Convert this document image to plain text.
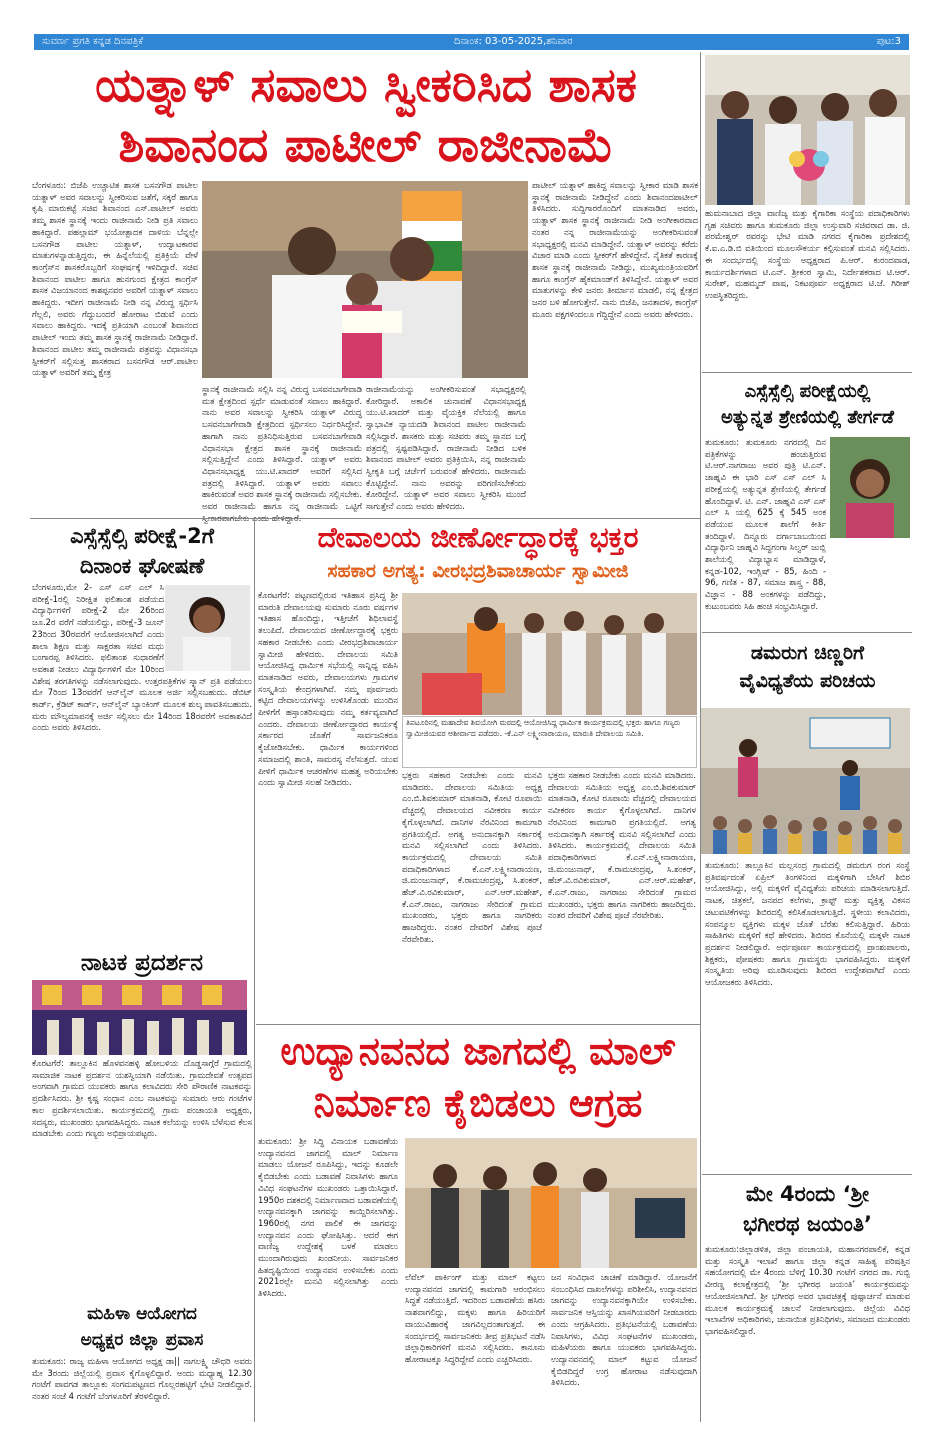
ಸುವರ್ಣ ಪ್ರಗತಿ ಕನ್ನಡ ದಿನಪತ್ರಿಕೆ	ದಿನಾಂಕ: 03-05-2025,ಶನಿವಾರ	ಪುಟ:3
ಯತ್ನಾಳ್ ಸವಾಲು ಸ್ವೀಕರಿಸಿದ ಶಾಸಕ
ಶಿವಾನಂದ ಪಾಟೀಲ್ ರಾಜೀನಾಮೆ
ಬೆಂಗಳೂರು: ಬಿಜೆಪಿ ಉಚ್ಚಾಟಿತ ಶಾಸಕ ಬಸನಗೌಡ ಪಾಟೀಲ ಯತ್ನಾಳ್ ಅವರ ಸವಾಲನ್ನು ಸ್ವೀಕರಿಸುವ ಜತೆಗೆ, ಸಕ್ಕರೆ ಹಾಗೂ ಕೃಷಿ ಮಾರುಕಟ್ಟೆ ಸಚಿವ ಶಿವಾನಂದ ಎಸ್.ಪಾಟೀಲ್ ಅವರು ತಮ್ಮ ಶಾಸಕ ಸ್ಥಾನಕ್ಕೆ ಇಂದು ರಾಜೀನಾಮೆ ನೀಡಿ ಪ್ರತಿ ಸವಾಲು ಹಾಕಿದ್ದಾರೆ. ಪಹಲ್ಗಾಮ್ ಭಯೋತ್ಪಾದಕ ದಾಳಿಯ ಬೆನ್ನಲ್ಲೇ ಬಸನಗೌಡ ಪಾಟೀಲ ಯತ್ನಾಳ್, ಉದ್ವಾಟಕಾರವ ಮಾತುಗಳನ್ನಾಡುತ್ತಿದ್ದರು, ಈ ಹಿನ್ನೆಲೆಯಲ್ಲಿ ಪ್ರತಿಕ್ರಿಯೆ ವೇಳೆ ಕಾಂಗ್ರೆಸ್‌ನ ಶಾಸಕರೊಬ್ಬರಿಗೆ ಸಂಘರ್ಷಕ್ಕೆ ಇಳಿದಿದ್ದಾರೆ. ಸಚಿವ ಶಿವಾನಂದ ಪಾಟೀಲ ಹಾಗೂ ಹುನಗುಂದ ಕ್ಷೇತ್ರದ ಕಾಂಗ್ರೆಸ್ ಶಾಸಕ ವಿಜಯಾನಂದ ಕಾಶಪ್ಪನವರ ಅವರಿಗೆ ಯತ್ನಾಳ್ ಸವಾಲು ಹಾಕಿದ್ದರು. ಇದೀಗ ರಾಜೀನಾಮೆ ನೀಡಿ ನನ್ನ ವಿರುದ್ಧ ಸ್ಪರ್ಧಿಸಿ ಗೆಲ್ಲಲಿ, ಅವರು ಗೆದ್ದುಬಂದರೆ ಹೋರಾಟ ಬಿಡುವೆ ಎಂದು ಸವಾಲು ಹಾಕಿದ್ದರು. ಇದಕ್ಕೆ ಪ್ರತಿಯಾಗಿ ಎಂಬಂತೆ ಶಿವಾನಂದ ಪಾಟೀಲ್ ಇಂದು ತಮ್ಮ ಶಾಸಕ ಸ್ಥಾನಕ್ಕೆ ರಾಜೀನಾಮೆ ನೀಡಿದ್ದಾರೆ. ಶಿವಾನಂದ ಪಾಟೀಲ ತಮ್ಮ ರಾಜೀನಾಮೆ ಪತ್ರವನ್ನು ವಿಧಾನಸಭಾ ಸ್ಪೀಕರ್‌ಗೆ ಸಲ್ಲಿಸುತ್ತ ಶಾಸಕರಾದ ಬಸನಗೌಡ ಆರ್.ಪಾಟೀಲ ಯತ್ನಾಳ್ ಅವರಿಗೆ ತಮ್ಮ ಕ್ಷೇತ್ರ
ಸ್ಥಾನಕ್ಕೆ ರಾಜೀನಾಮೆ ಸಲ್ಲಿಸಿ ನನ್ನ ವಿರುದ್ಧ ಬಸವನಬಾಗೇವಾಡಿ ಮತ ಕ್ಷೇತ್ರದಿಂದ ಸ್ಪರ್ಧೆ ಮಾಡುವಂತೆ ಸವಾಲು ಹಾಕಿದ್ದಾರೆ. ನಾನು ಅವರ ಸವಾಲನ್ನು ಸ್ವೀಕರಿಸಿ ಯತ್ನಾಳ್ ವಿರುದ್ಧ ಬಸವನಬಾಗೇವಾಡಿ ಕ್ಷೇತ್ರದಿಂದ ಸ್ಪರ್ಧಿಸಲು ನಿರ್ಧರಿಸಿದ್ದೇನೆ. ಹಾಗಾಗಿ ನಾನು ಪ್ರತಿನಿಧಿಸುತ್ತಿರುವ ಬಸವನಬಾಗೇವಾಡಿ ವಿಧಾನಸಭಾ ಕ್ಷೇತ್ರದ ಶಾಸಕ ಸ್ಥಾನಕ್ಕೆ ರಾಜೀನಾಮೆ ಸಲ್ಲಿಸುತ್ತಿದ್ದೇನೆ ಎಂದು ತಿಳಿಸಿದ್ದಾರೆ. ಯತ್ನಾಳ್ ಅವರು ವಿಧಾನಸಭಾಧ್ಯಕ್ಷ ಯು.ಟಿ.ಖಾದರ್ ಅವರಿಗೆ ಸಲ್ಲಿಸಿದ ಪತ್ರದಲ್ಲಿ ತಿಳಿಸಿದ್ದಾರೆ. ಯತ್ನಾಳ್ ಅವರು ಸವಾಲು ಹಾಕಿರುವಂತೆ ಅವರ ಶಾಸಕ ಸ್ಥಾನಕ್ಕೆ ರಾಜೀನಾಮೆ ಸಲ್ಲಿಸಬೇಕು. ಅವರ ರಾಜೀನಾಮೆ ಹಾಗೂ ನನ್ನ ರಾಜೀನಾಮೆ ಒಟ್ಟಿಗೆ
ರಾಜೀನಾಮೆಯನ್ನು ಅಂಗೀಕರಿಸುವಂತೆ ಸಭಾಧ್ಯಕ್ಷರಲ್ಲಿ ಕೋರಿದ್ದಾರೆ. ಅಕಾಲಿಕ ಚುನಾವಣೆ ವಿಧಾನಸಭಾಧ್ಯಕ್ಷ ಯು.ಟಿ.ಖಾದರ್ ಮತ್ತು ವೈಯಕ್ತಿಕ ನೆಲೆಯಲ್ಲಿ ಹಾಗೂ ಸ್ವಾಭಾವಿಕ ನ್ಯಾಯದಡಿ ಶಿವಾನಂದ ಪಾಟೀಲ ರಾಜೀನಾಮೆ ಸಲ್ಲಿಸಿದ್ದಾರೆ. ಶಾಸಕರು ಮತ್ತು ಸಚಿವರು ತಮ್ಮ ಸ್ಥಾನದ ಬಗ್ಗೆ ಪತ್ರದಲ್ಲಿ ಸ್ಪಷ್ಟಪಡಿಸಿದ್ದಾರೆ. ರಾಜೀನಾಮೆ ನೀಡಿದ ಬಳಿಕ ಶಿವಾನಂದ ಪಾಟೀಲ್ ಅವರು ಪ್ರತಿಕ್ರಿಯಿಸಿ, ನನ್ನ ರಾಜೀನಾಮೆ ಸ್ವೀಕೃತಿ ಬಗ್ಗೆ ಚರ್ಚೆಗೆ ಬರುವಂತೆ ಹೇಳಿದರು. ರಾಜೀನಾಮೆ ಕೊಟ್ಟಿದ್ದೇನೆ. ನಾನು ಅವರನ್ನು ಪರಿಗಣಿಸಬೇಕೆಂದು ಕೋರಿದ್ದೇನೆ. ಯತ್ನಾಳ್ ಅವರ ಸವಾಲು ಸ್ವೀಕರಿಸಿ ಮುಂದೆ ಸಾಗುತ್ತೇನೆ ಎಂದು ಅವರು ಹೇಳಿದರು.
ಪಾಟೀಲ್ ಯತ್ನಾಳ್ ಹಾಕಿದ್ದ ಸವಾಲನ್ನು ಸ್ವೀಕಾರ ಮಾಡಿ ಶಾಸಕ ಸ್ಥಾನಕ್ಕೆ ರಾಜೀನಾಮೆ ನೀಡಿದ್ದೇನೆ ಎಂದು ಶಿವಾನಂದಪಾಟೀಲ್ ತಿಳಿಸಿದರು. ಸುದ್ದಿಗಾರರೊಂದಿಗೆ ಮಾತನಾಡಿದ ಅವರು, ಯತ್ನಾಳ್ ಶಾಸಕ ಸ್ಥಾನಕ್ಕೆ ರಾಜೀನಾಮೆ ನೀಡಿ ಅಂಗೀಕಾರವಾದ ನಂತರ ನನ್ನ ರಾಜೀನಾಮೆಯನ್ನು ಅಂಗೀಕರಿಸುವಂತೆ ಸಭಾಧ್ಯಕ್ಷರಲ್ಲಿ ಮನವಿ ಮಾಡಿದ್ದೇನೆ. ಯತ್ನಾಳ್ ಅವರನ್ನು ಕರೆದು ವಿಚಾರ ಮಾಡಿ ಎಂದು ಸ್ಪೀಕರ್‌ಗೆ ಹೇಳಿದ್ದೇನೆ. ನೈತಿಕತೆ ಕಾರಣಕ್ಕೆ ಶಾಸಕ ಸ್ಥಾನಕ್ಕೆ ರಾಜೀನಾಮೆ ನೀಡಿದ್ದು, ಮುಖ್ಯಮಂತ್ರಿಯವರಿಗೆ ಹಾಗೂ ಕಾಂಗ್ರೆಸ್ ಹೈಕಮಾಂಡ್‌ಗೆ ತಿಳಿಸಿದ್ದೇನೆ. ಯತ್ನಾಳ್ ಅವರ ಮಾತುಗಳನ್ನು ಕೇಳಿ ಜನರು ತೀರ್ಮಾನ ಮಾಡಲಿ, ನನ್ನ ಕ್ಷೇತ್ರದ ಜನರ ಬಳಿ ಹೋಗುತ್ತೇನೆ. ನಾನು ಬಿಜೆಪಿ, ಜನತಾದಳ, ಕಾಂಗ್ರೆಸ್ ಮೂರು ಪಕ್ಷಗಳಿಂದಲೂ ಗೆದ್ದಿದ್ದೇನೆ ಎಂದು ಅವರು ಹೇಳಿದರು.
ಹುಮನಾಬಾದ ಜಿಲ್ಲಾ ವಾಣಿಜ್ಯ ಮತ್ತು ಕೈಗಾರಿಕಾ ಸಂಸ್ಥೆಯ ಪದಾಧಿಕಾರಿಗಳು ಗೃಹ ಸಚಿವರು ಹಾಗೂ ತುಮಕೂರು ಜಿಲ್ಲಾ ಉಸ್ತುವಾರಿ ಸಚಿವರಾದ ಡಾ. ಜಿ. ಪರಮೇಶ್ವರ್ ರವರನ್ನು ಭೇಟಿ ಮಾಡಿ ನಗರದ ಕೈಗಾರಿಕಾ ಪ್ರದೇಶದಲ್ಲಿ ಕೆ.ಐ.ಎ.ಡಿ.ಬಿ ವತಿಯಿಂದ ಮೂಲಸೌಕರ್ಯ ಕಲ್ಪಿಸುವಂತೆ ಮನವಿ ಸಲ್ಲಿಸಿದರು. ಈ ಸಂದರ್ಭದಲ್ಲಿ ಸಂಸ್ಥೆಯ ಅಧ್ಯಕ್ಷರಾದ ಪಿ.ಆರ್. ಕುರಂದವಾಡ, ಕಾರ್ಯದರ್ಶಿಗಳಾದ ಟಿ.ಎನ್. ಶ್ರೀಕಂಠ ಸ್ವಾಮಿ, ನಿರ್ದೇಶಕರಾದ ಟಿ.ಆರ್. ಸುರೇಶ್, ಮಹಮ್ಮದ್ ಪಾಷ, ನಿಕಟಪೂರ್ವ ಅಧ್ಯಕ್ಷರಾದ ಟಿ.ಜೆ. ಗಿರೀಶ್ ಉಪಸ್ಥಿತರಿದ್ದರು.
ಎಸ್ಸೆಸ್ಸೆಲ್ಸಿ ಪರೀಕ್ಷೆಯಲ್ಲಿ
ಅತ್ಯುನ್ನತ ಶ್ರೇಣಿಯಲ್ಲಿ ತೇರ್ಗಡೆ
ತುಮಕೂರು: ತುಮಕೂರು ನಗರದಲ್ಲಿ ದಿನ ಪತ್ರಿಕೆಗಳನ್ನು ಹಂಚುತ್ತಿರುವ ಟಿ.ಆರ್.ನಾಗರಾಜು ಅವರ ಪುತ್ರಿ ಟಿ.ಎನ್. ಜಾಹ್ನವಿ ಈ ಭಾರಿ ಎಸ್ ಎಸ್ ಎಲ್ ಸಿ ಪರೀಕ್ಷೆಯಲ್ಲಿ ಅತ್ಯುನ್ನತ ಶ್ರೇಣಿಯಲ್ಲಿ ತೇರ್ಗಡೆ ಹೊಂದಿದ್ದಾಳೆ. ಟಿ. ಎನ್. ಜಾಹ್ನವಿ ಎಸ್ ಎಸ್ ಎಲ್ ಸಿ ಯಲ್ಲಿ 625 ಕ್ಕೆ 545 ಅಂಕ ಪಡೆಯುವ ಮೂಲಕ ಶಾಲೆಗೆ ಕೀರ್ತಿ ತಂದಿದ್ದಾಳೆ. ದಿನ್ನೂರು ದರ್ಗಾಬಾಬಯಿಂದ ವಿದ್ಯಾರ್ಥಿನಿ ಜಾಹ್ನವಿ ಸಿದ್ಧಗಂಗಾ ಸಿಲ್ವರ್ ಜುಬ್ಲಿ ಶಾಲೆಯಲ್ಲಿ ವಿದ್ಯಾಭ್ಯಾಸ ಮಾಡಿದ್ದಾಳೆ, ಕನ್ನಡ-102, ಇಂಗ್ಲಿಷ್ - 85, ಹಿಂದಿ - 96, ಗಣಿತ - 87, ಸಮಾಜ ಶಾಸ್ತ್ರ - 88, ವಿಜ್ಞಾನ - 88 ಅಂಕಗಳನ್ನು ಪಡೆದಿದ್ದು, ಕುಟುಂಬವರು ಸಿಹಿ ಹಂಚಿ ಸಂಭ್ರಮಿಸಿದ್ದಾರೆ.
ಡಮರುಗ ಚಿಣ್ಣರಿಗೆ
ವೈವಿಧ್ಯತೆಯ ಪರಿಚಯ
ತುಮಕೂರು: ತಾಲ್ಲೂಕಿನ ಮಲ್ಲಸಂದ್ರ ಗ್ರಾಮದಲ್ಲಿ ಡಮರುಗ ರಂಗ ಸಂಸ್ಥೆ ಪ್ರತಿವರ್ಷದಂತೆ ಏಪ್ರಿಲ್ ತಿಂಗಳಿನಿಂದ ಮಕ್ಕಳಿಗಾಗಿ ಬೇಸಿಗೆ ಶಿಬಿರ ಆಯೋಜಿಸಿದ್ದು, ಅಲ್ಲಿ ಮಕ್ಕಳಿಗೆ ವೈವಿಧ್ಯತೆಯ ಪರಿಚಯ ಮಾಡಿಸಲಾಗುತ್ತಿದೆ. ನಾಟಕ, ಚಿತ್ರಕಲೆ, ಜನಪದ ಕಲೆಗಳು, ಕ್ರಾಫ್ಟ್ ಮತ್ತು ವ್ಯಕ್ತಿತ್ವ ವಿಕಸನ ಚಟುವಟಿಕೆಗಳನ್ನು ಶಿಬಿರದಲ್ಲಿ ಕಲಿಸಿಕೊಡಲಾಗುತ್ತಿದೆ. ಸ್ಥಳೀಯ ಕಲಾವಿದರು, ಸಂಪನ್ಮೂಲ ವ್ಯಕ್ತಿಗಳು ಮಕ್ಕಳ ಜೊತೆ ಬೆರೆತು ಕಲಿಸುತ್ತಿದ್ದಾರೆ. ಹಿರಿಯ ಸಾಹಿತಿಗಳು ಮಕ್ಕಳಿಗೆ ಕಥೆ ಹೇಳಿದರು. ಶಿಬಿರದ ಕೊನೆಯಲ್ಲಿ ಮಕ್ಕಳೇ ನಾಟಕ ಪ್ರದರ್ಶನ ನೀಡಲಿದ್ದಾರೆ. ಅರ್ಥಪೂರ್ಣ ಕಾರ್ಯಕ್ರಮದಲ್ಲಿ ಪ್ರಾಂಶುಪಾಲರು, ಶಿಕ್ಷಕರು, ಪೋಷಕರು ಹಾಗೂ ಗ್ರಾಮಸ್ಥರು ಭಾಗವಹಿಸಿದ್ದರು. ಮಕ್ಕಳಿಗೆ ಸಂಸ್ಕೃತಿಯ ಅರಿವು ಮೂಡಿಸುವುದು ಶಿಬಿರದ ಉದ್ದೇಶವಾಗಿದೆ ಎಂದು ಆಯೋಜಕರು ತಿಳಿಸಿದರು.
ಮೇ 4ರಂದು ‘ಶ್ರೀ
ಭಗೀರಥ ಜಯಂತಿ’
ತುಮಕೂರು:ಜಿಲ್ಲಾಡಳಿತ, ಜಿಲ್ಲಾ ಪಂಚಾಯತಿ, ಮಹಾನಗರಪಾಲಿಕೆ, ಕನ್ನಡ ಮತ್ತು ಸಂಸ್ಕೃತಿ ಇಲಾಖೆ ಹಾಗೂ ಜಿಲ್ಲಾ ಕನ್ನಡ ಸಾಹಿತ್ಯ ಪರಿಷತ್ತಿನ ಸಹಯೋಗದಲ್ಲಿ ಮೇ 4ರಂದು ಬೆಳಿಗ್ಗೆ 10.30 ಗಂಟೆಗೆ ನಗರದ ಡಾ. ಗುಬ್ಬಿ ವೀರಣ್ಣ ಕಲಾಕ್ಷೇತ್ರದಲ್ಲಿ ‘ಶ್ರೀ ಭಗೀರಥ ಜಯಂತಿ’ ಕಾರ್ಯಕ್ರಮವನ್ನು ಆಯೋಜಿಸಲಾಗಿದೆ. ಶ್ರೀ ಭಗೀರಥ ಅವರ ಭಾವಚಿತ್ರಕ್ಕೆ ಪುಷ್ಪಾರ್ಚನೆ ಮಾಡುವ ಮೂಲಕ ಕಾರ್ಯಕ್ರಮಕ್ಕೆ ಚಾಲನೆ ನೀಡಲಾಗುವುದು. ಜಿಲ್ಲೆಯ ವಿವಿಧ ಇಲಾಖೆಗಳ ಅಧಿಕಾರಿಗಳು, ಚುನಾಯಿತ ಪ್ರತಿನಿಧಿಗಳು, ಸಮಾಜದ ಮುಖಂಡರು ಭಾಗವಹಿಸಲಿದ್ದಾರೆ.
ಎಸ್ಸೆಸ್ಸೆಲ್ಸಿ ಪರೀಕ್ಷೆ-2ಗೆ
ದಿನಾಂಕ ಘೋಷಣೆ
ಬೆಂಗಳೂರು,ಮೇ 2- ಎಸ್ ಎಸ್ ಎಲ್ ಸಿ ಪರೀಕ್ಷೆ-1ರಲ್ಲಿ ನಿರೀಕ್ಷಿತ ಫಲಿತಾಂಶ ಪಡೆಯದ ವಿದ್ಯಾರ್ಥಿಗಳಿಗೆ ಪರೀಕ್ಷೆ-2 ಮೇ 26ರಿಂದ ಜೂ.2ರ ವರೆಗೆ ನಡೆಯಲಿದ್ದು, ಪರೀಕ್ಷೆ-3 ಜೂನ್ 23ರಿಂದ 30ರವರೆಗೆ ಆಯೋಜಿಸಲಾಗಿದೆ ಎಂದು ಶಾಲಾ ಶಿಕ್ಷಣ ಮತ್ತು ಸಾಕ್ಷರತಾ ಸಚಿವ ಮಧು ಬಂಗಾರಪ್ಪ ತಿಳಿಸಿದರು. ಫಲಿತಾಂಶ ಸುಧಾರಣೆಗೆ ಅವಕಾಶ ನೀಡಲು ವಿದ್ಯಾರ್ಥಿಗಳಿಗೆ ಮೇ 10ರಿಂದ ವಿಶೇಷ ತರಗತಿಗಳನ್ನು ನಡೆಸಲಾಗುವುದು. ಉತ್ತರಪತ್ರಿಕೆಗಳ ಸ್ಕ್ಯಾನ್ ಪ್ರತಿ ಪಡೆಯಲು ಮೇ 7ರಿಂದ 13ರವರೆಗೆ ಆನ್‌ಲೈನ್ ಮೂಲಕ ಅರ್ಜಿ ಸಲ್ಲಿಸಬಹುದು. ಡೆಬಿಟ್ ಕಾರ್ಡ್, ಕ್ರೆಡಿಟ್ ಕಾರ್ಡ್, ಆನ್‌ಲೈನ್ ಬ್ಯಾಂಕಿಂಗ್ ಮೂಲಕ ಶುಲ್ಕ ಪಾವತಿಸಬಹುದು. ಮರು ಮೌಲ್ಯಮಾಪನಕ್ಕೆ ಅರ್ಜಿ ಸಲ್ಲಿಸಲು ಮೇ 14ರಿಂದ 18ರವರೆಗೆ ಅವಕಾಶವಿದೆ ಎಂದು ಅವರು ತಿಳಿಸಿದರು.
ನಾಟಕ ಪ್ರದರ್ಶನ
ಕೊರಟಗೆರೆ: ತಾಲ್ಲೂಕಿನ ಹೊಳವನಹಳ್ಳಿ ಹೋಬಳಿಯ ದೊಡ್ಡಸಾಗ್ಗೆರೆ ಗ್ರಾಮದಲ್ಲಿ ಸಾಮಾಜಿಕ ನಾಟಕ ಪ್ರದರ್ಶನ ಯಶಸ್ವಿಯಾಗಿ ನಡೆಯಿತು. ಗ್ರಾಮದೇವತೆ ಉತ್ಸವದ ಅಂಗವಾಗಿ ಗ್ರಾಮದ ಯುವಕರು ಹಾಗೂ ಕಲಾವಿದರು ಸೇರಿ ಪೌರಾಣಿಕ ನಾಟಕವನ್ನು ಪ್ರದರ್ಶಿಸಿದರು. ಶ್ರೀ ಕೃಷ್ಣ ಸಂಧಾನ ಎಂಬ ನಾಟಕವನ್ನು ಸುಮಾರು ಆರು ಗಂಟೆಗಳ ಕಾಲ ಪ್ರದರ್ಶಿಸಲಾಯಿತು. ಕಾರ್ಯಕ್ರಮದಲ್ಲಿ ಗ್ರಾಮ ಪಂಚಾಯತಿ ಅಧ್ಯಕ್ಷರು, ಸದಸ್ಯರು, ಮುಖಂಡರು ಭಾಗವಹಿಸಿದ್ದರು. ನಾಟಕ ಕಲೆಯನ್ನು ಉಳಿಸಿ ಬೆಳೆಸುವ ಕೆಲಸ ಮಾಡಬೇಕು ಎಂದು ಗಣ್ಯರು ಅಭಿಪ್ರಾಯಪಟ್ಟರು.
ಮಹಿಳಾ ಆಯೋಗದ
ಅಧ್ಯಕ್ಷರ ಜಿಲ್ಲಾ ಪ್ರವಾಸ
ತುಮಕೂರು: ರಾಜ್ಯ ಮಹಿಳಾ ಆಯೋಗದ ಅಧ್ಯಕ್ಷ ಡಾ|| ನಾಗಲಕ್ಷ್ಮಿ ಚೌಧರಿ ಅವರು ಮೇ 3ರಂದು ಜಿಲ್ಲೆಯಲ್ಲಿ ಪ್ರವಾಸ ಕೈಗೊಳ್ಳಲಿದ್ದಾರೆ. ಅಂದು ಮಧ್ಯಾಹ್ನ 12.30 ಗಂಟೆಗೆ ಪಾವಗಡ ತಾಲ್ಲೂಕು ಸಂಗಮಪಟ್ಟಣದ ಗೊಲ್ಲರಹಟ್ಟಿಗೆ ಭೇಟಿ ನೀಡಲಿದ್ದಾರೆ. ನಂತರ ಸಂಜೆ 4 ಗಂಟೆಗೆ ಬೆಂಗಳೂರಿಗೆ ತೆರಳಲಿದ್ದಾರೆ.
ದೇವಾಲಯ ಜೀರ್ಣೋದ್ಧಾರಕ್ಕೆ ಭಕ್ತರ
ಸಹಕಾರ ಅಗತ್ಯ: ವೀರಭದ್ರಶಿವಾಚಾರ್ಯ ಸ್ವಾಮೀಜಿ
ಕೊರಟಗೆರೆ: ಪಟ್ಟಣದಲ್ಲಿರುವ ಇತಿಹಾಸ ಪ್ರಸಿದ್ಧ ಶ್ರೀ ಮಾರುತಿ ದೇವಾಲಯವು ಸುಮಾರು ನೂರು ವರ್ಷಗಳ ಇತಿಹಾಸ ಹೊಂದಿದ್ದು, ಇತ್ತೀಚೆಗೆ ಶಿಥಿಲಾವಸ್ಥೆ ತಲುಪಿದೆ. ದೇವಾಲಯದ ಜೀರ್ಣೋದ್ಧಾರಕ್ಕೆ ಭಕ್ತರು ಸಹಕಾರ ನೀಡಬೇಕು ಎಂದು ವೀರಭದ್ರಶಿವಾಚಾರ್ಯ ಸ್ವಾಮೀಜಿ ಹೇಳಿದರು. ದೇವಾಲಯ ಸಮಿತಿ ಆಯೋಜಿಸಿದ್ದ ಧಾರ್ಮಿಕ ಸಭೆಯಲ್ಲಿ ಸಾನ್ನಿಧ್ಯ ವಹಿಸಿ ಮಾತನಾಡಿದ ಅವರು, ದೇವಾಲಯಗಳು ಗ್ರಾಮಗಳ ಸಂಸ್ಕೃತಿಯ ಕೇಂದ್ರಗಳಾಗಿವೆ. ನಮ್ಮ ಪೂರ್ವಜರು ಕಟ್ಟಿದ ದೇವಾಲಯಗಳನ್ನು ಉಳಿಸಿಕೊಂಡು ಮುಂದಿನ ಪೀಳಿಗೆಗೆ ಹಸ್ತಾಂತರಿಸುವುದು ನಮ್ಮ ಕರ್ತವ್ಯವಾಗಿದೆ ಎಂದರು. ದೇವಾಲಯ ಜೀರ್ಣೋದ್ಧಾರದ ಕಾರ್ಯಕ್ಕೆ ಸರ್ಕಾರದ ಜೊತೆಗೆ ಸಾರ್ವಜನಿಕರೂ ಕೈಜೋಡಿಸಬೇಕು. ಧಾರ್ಮಿಕ ಕಾರ್ಯಗಳಿಂದ ಸಮಾಜದಲ್ಲಿ ಶಾಂತಿ, ಸಾಮರಸ್ಯ ನೆಲೆಸುತ್ತದೆ. ಯುವ ಪೀಳಿಗೆ ಧಾರ್ಮಿಕ ಆಚರಣೆಗಳ ಮಹತ್ವ ಅರಿಯಬೇಕು ಎಂದು ಸ್ವಾಮೀಜಿ ಸಲಹೆ ನೀಡಿದರು.
ತಿಪಟೂರಿನಲ್ಲಿ ಮಹಾದೇವ ಶಿವಯೋಗಿ ಮಠದಲ್ಲಿ ಆಯೋಜಿಸಿದ್ದ ಧಾರ್ಮಿಕ ಕಾರ್ಯಕ್ರಮದಲ್ಲಿ ಭಕ್ತರು ಹಾಗೂ ಗಣ್ಯರು ಸ್ವಾಮೀಜಿಯವರ ಆಶೀರ್ವಾದ ಪಡೆದರು. -ಕೆ.ಎನ್ ಲಕ್ಷ್ಮೀನಾರಾಯಣ, ಮಾರುತಿ ದೇವಾಲಯ ಸಮಿತಿ.
ಭಕ್ತರು ಸಹಕಾರ ನೀಡಬೇಕು ಎಂದು ಮನವಿ ಮಾಡಿದರು. ದೇವಾಲಯ ಸಮಿತಿಯ ಅಧ್ಯಕ್ಷ ಎಂ.ಬಿ.ಶಿವಕುಮಾರ್ ಮಾತನಾಡಿ, ಕೋಟಿ ರೂಪಾಯಿ ವೆಚ್ಚದಲ್ಲಿ ದೇವಾಲಯದ ನವೀಕರಣ ಕಾರ್ಯ ಕೈಗೊಳ್ಳಲಾಗಿದೆ. ದಾನಿಗಳ ನೆರವಿನಿಂದ ಕಾಮಗಾರಿ ಪ್ರಗತಿಯಲ್ಲಿದೆ. ಅಗತ್ಯ ಅನುದಾನಕ್ಕಾಗಿ ಸರ್ಕಾರಕ್ಕೆ ಮನವಿ ಸಲ್ಲಿಸಲಾಗಿದೆ ಎಂದು ತಿಳಿಸಿದರು. ಕಾರ್ಯಕ್ರಮದಲ್ಲಿ ದೇವಾಲಯ ಸಮಿತಿ ಪದಾಧಿಕಾರಿಗಳಾದ ಕೆ.ಎನ್.ಲಕ್ಷ್ಮೀನಾರಾಯಣ, ಜಿ.ಮಂಜುನಾಥ್, ಕೆ.ರಾಮಚಂದ್ರಪ್ಪ, ಸಿ.ಶಂಕರ್, ಹೆಚ್.ವಿ.ರವಿಕುಮಾರ್, ಎನ್.ಆರ್.ಮಹೇಶ್, ಕೆ.ಎನ್.ರಾಜು, ನಾಗರಾಜು ಸೇರಿದಂತೆ ಗ್ರಾಮದ ಮುಖಂಡರು, ಭಕ್ತರು ಹಾಗೂ ನಾಗರಿಕರು ಹಾಜರಿದ್ದರು. ನಂತರ ದೇವರಿಗೆ ವಿಶೇಷ ಪೂಜೆ ನೆರವೇರಿತು.
ಭಕ್ತರು ಸಹಕಾರ ನೀಡಬೇಕು ಎಂದು ಮನವಿ ಮಾಡಿದರು. ದೇವಾಲಯ ಸಮಿತಿಯ ಅಧ್ಯಕ್ಷ ಎಂ.ಬಿ.ಶಿವಕುಮಾರ್ ಮಾತನಾಡಿ, ಕೋಟಿ ರೂಪಾಯಿ ವೆಚ್ಚದಲ್ಲಿ ದೇವಾಲಯದ ನವೀಕರಣ ಕಾರ್ಯ ಕೈಗೊಳ್ಳಲಾಗಿದೆ. ದಾನಿಗಳ ನೆರವಿನಿಂದ ಕಾಮಗಾರಿ ಪ್ರಗತಿಯಲ್ಲಿದೆ. ಅಗತ್ಯ ಅನುದಾನಕ್ಕಾಗಿ ಸರ್ಕಾರಕ್ಕೆ ಮನವಿ ಸಲ್ಲಿಸಲಾಗಿದೆ ಎಂದು ತಿಳಿಸಿದರು. ಕಾರ್ಯಕ್ರಮದಲ್ಲಿ ದೇವಾಲಯ ಸಮಿತಿ ಪದಾಧಿಕಾರಿಗಳಾದ ಕೆ.ಎನ್.ಲಕ್ಷ್ಮೀನಾರಾಯಣ, ಜಿ.ಮಂಜುನಾಥ್, ಕೆ.ರಾಮಚಂದ್ರಪ್ಪ, ಸಿ.ಶಂಕರ್, ಹೆಚ್.ವಿ.ರವಿಕುಮಾರ್, ಎನ್.ಆರ್.ಮಹೇಶ್, ಕೆ.ಎನ್.ರಾಜು, ನಾಗರಾಜು ಸೇರಿದಂತೆ ಗ್ರಾಮದ ಮುಖಂಡರು, ಭಕ್ತರು ಹಾಗೂ ನಾಗರಿಕರು ಹಾಜರಿದ್ದರು. ನಂತರ ದೇವರಿಗೆ ವಿಶೇಷ ಪೂಜೆ ನೆರವೇರಿತು.
ಉದ್ಯಾನವನದ ಜಾಗದಲ್ಲಿ ಮಾಲ್
ನಿರ್ಮಾಣ ಕೈಬಿಡಲು ಆಗ್ರಹ
ತುಮಕೂರು: ಶ್ರೀ ಸಿದ್ಧಿ ವಿನಾಯಕ ಬಡಾವಣೆಯ ಉದ್ಯಾನವನದ ಜಾಗದಲ್ಲಿ ಮಾಲ್ ನಿರ್ಮಾಣ ಮಾಡಲು ಯೋಜನೆ ರೂಪಿಸಿದ್ದು, ಇದನ್ನು ಕೂಡಲೇ ಕೈಬಿಡಬೇಕು ಎಂದು ಬಡಾವಣೆ ನಿವಾಸಿಗಳು ಹಾಗೂ ವಿವಿಧ ಸಂಘಟನೆಗಳ ಮುಖಂಡರು ಒತ್ತಾಯಿಸಿದ್ದಾರೆ. 1950ರ ದಶಕದಲ್ಲಿ ನಿರ್ಮಾಣವಾದ ಬಡಾವಣೆಯಲ್ಲಿ ಉದ್ಯಾನವನಕ್ಕಾಗಿ ಜಾಗವನ್ನು ಕಾಯ್ದಿರಿಸಲಾಗಿತ್ತು. 1960ರಲ್ಲಿ ನಗರ ಪಾಲಿಕೆ ಈ ಜಾಗವನ್ನು ಉದ್ಯಾನವನ ಎಂದು ಘೋಷಿಸಿತ್ತು. ಆದರೆ ಈಗ ವಾಣಿಜ್ಯ ಉದ್ದೇಶಕ್ಕೆ ಬಳಕೆ ಮಾಡಲು ಮುಂದಾಗಿರುವುದು ಖಂಡನೀಯ. ಸಾರ್ವಜನಿಕರ ಹಿತದೃಷ್ಟಿಯಿಂದ ಉದ್ಯಾನವನ ಉಳಿಸಬೇಕು ಎಂದು 2021ರಲ್ಲೇ ಮನವಿ ಸಲ್ಲಿಸಲಾಗಿತ್ತು ಎಂದು ತಿಳಿಸಿದರು.
ಲೆವೆಲ್ ಪಾರ್ಕಿಂಗ್ ಮತ್ತು ಮಾಲ್ ಕಟ್ಟಲು ಉದ್ಯಾನವನದ ಜಾಗದಲ್ಲಿ ಕಾಮಗಾರಿ ಆರಂಭಿಸಲು ಸಿದ್ಧತೆ ನಡೆಯುತ್ತಿದೆ. ಇದರಿಂದ ಬಡಾವಣೆಯ ಹಸಿರು ನಾಶವಾಗಲಿದ್ದು, ಮಕ್ಕಳು ಹಾಗೂ ಹಿರಿಯರಿಗೆ ವಾಯುವಿಹಾರಕ್ಕೆ ಜಾಗವಿಲ್ಲದಂತಾಗುತ್ತದೆ. ಈ ಸಂದರ್ಭದಲ್ಲಿ ಸಾರ್ವಜನಿಕರು ತೀವ್ರ ಪ್ರತಿಭಟನೆ ನಡೆಸಿ ಜಿಲ್ಲಾಧಿಕಾರಿಗಳಿಗೆ ಮನವಿ ಸಲ್ಲಿಸಿದರು. ಕಾನೂನು ಹೋರಾಟಕ್ಕೂ ಸಿದ್ಧರಿದ್ದೇವೆ ಎಂದು ಎಚ್ಚರಿಸಿದರು.
ಜನ ಸಂವಿಧಾನ ಚಾಚಣೆ ಮಾಡಿದ್ದಾರೆ. ಯೋಜನೆಗೆ ಸಂಬಂಧಿಸಿದ ದಾಖಲೆಗಳನ್ನು ಪರಿಶೀಲಿಸಿ, ಉದ್ಯಾನವನದ ಜಾಗವನ್ನು ಉದ್ಯಾನವನಕ್ಕಾಗಿಯೇ ಉಳಿಸಬೇಕು. ಸಾರ್ವಜನಿಕ ಆಸ್ತಿಯನ್ನು ಖಾಸಗಿಯವರಿಗೆ ನೀಡಬಾರದು ಎಂದು ಆಗ್ರಹಿಸಿದರು. ಪ್ರತಿಭಟನೆಯಲ್ಲಿ ಬಡಾವಣೆಯ ನಿವಾಸಿಗಳು, ವಿವಿಧ ಸಂಘಟನೆಗಳ ಮುಖಂಡರು, ಮಹಿಳೆಯರು ಹಾಗೂ ಯುವಕರು ಭಾಗವಹಿಸಿದ್ದರು. ಉದ್ಯಾನವನದಲ್ಲಿ ಮಾಲ್ ಕಟ್ಟುವ ಯೋಜನೆ ಕೈಬಿಡದಿದ್ದರೆ ಉಗ್ರ ಹೋರಾಟ ನಡೆಸುವುದಾಗಿ ತಿಳಿಸಿದರು.
